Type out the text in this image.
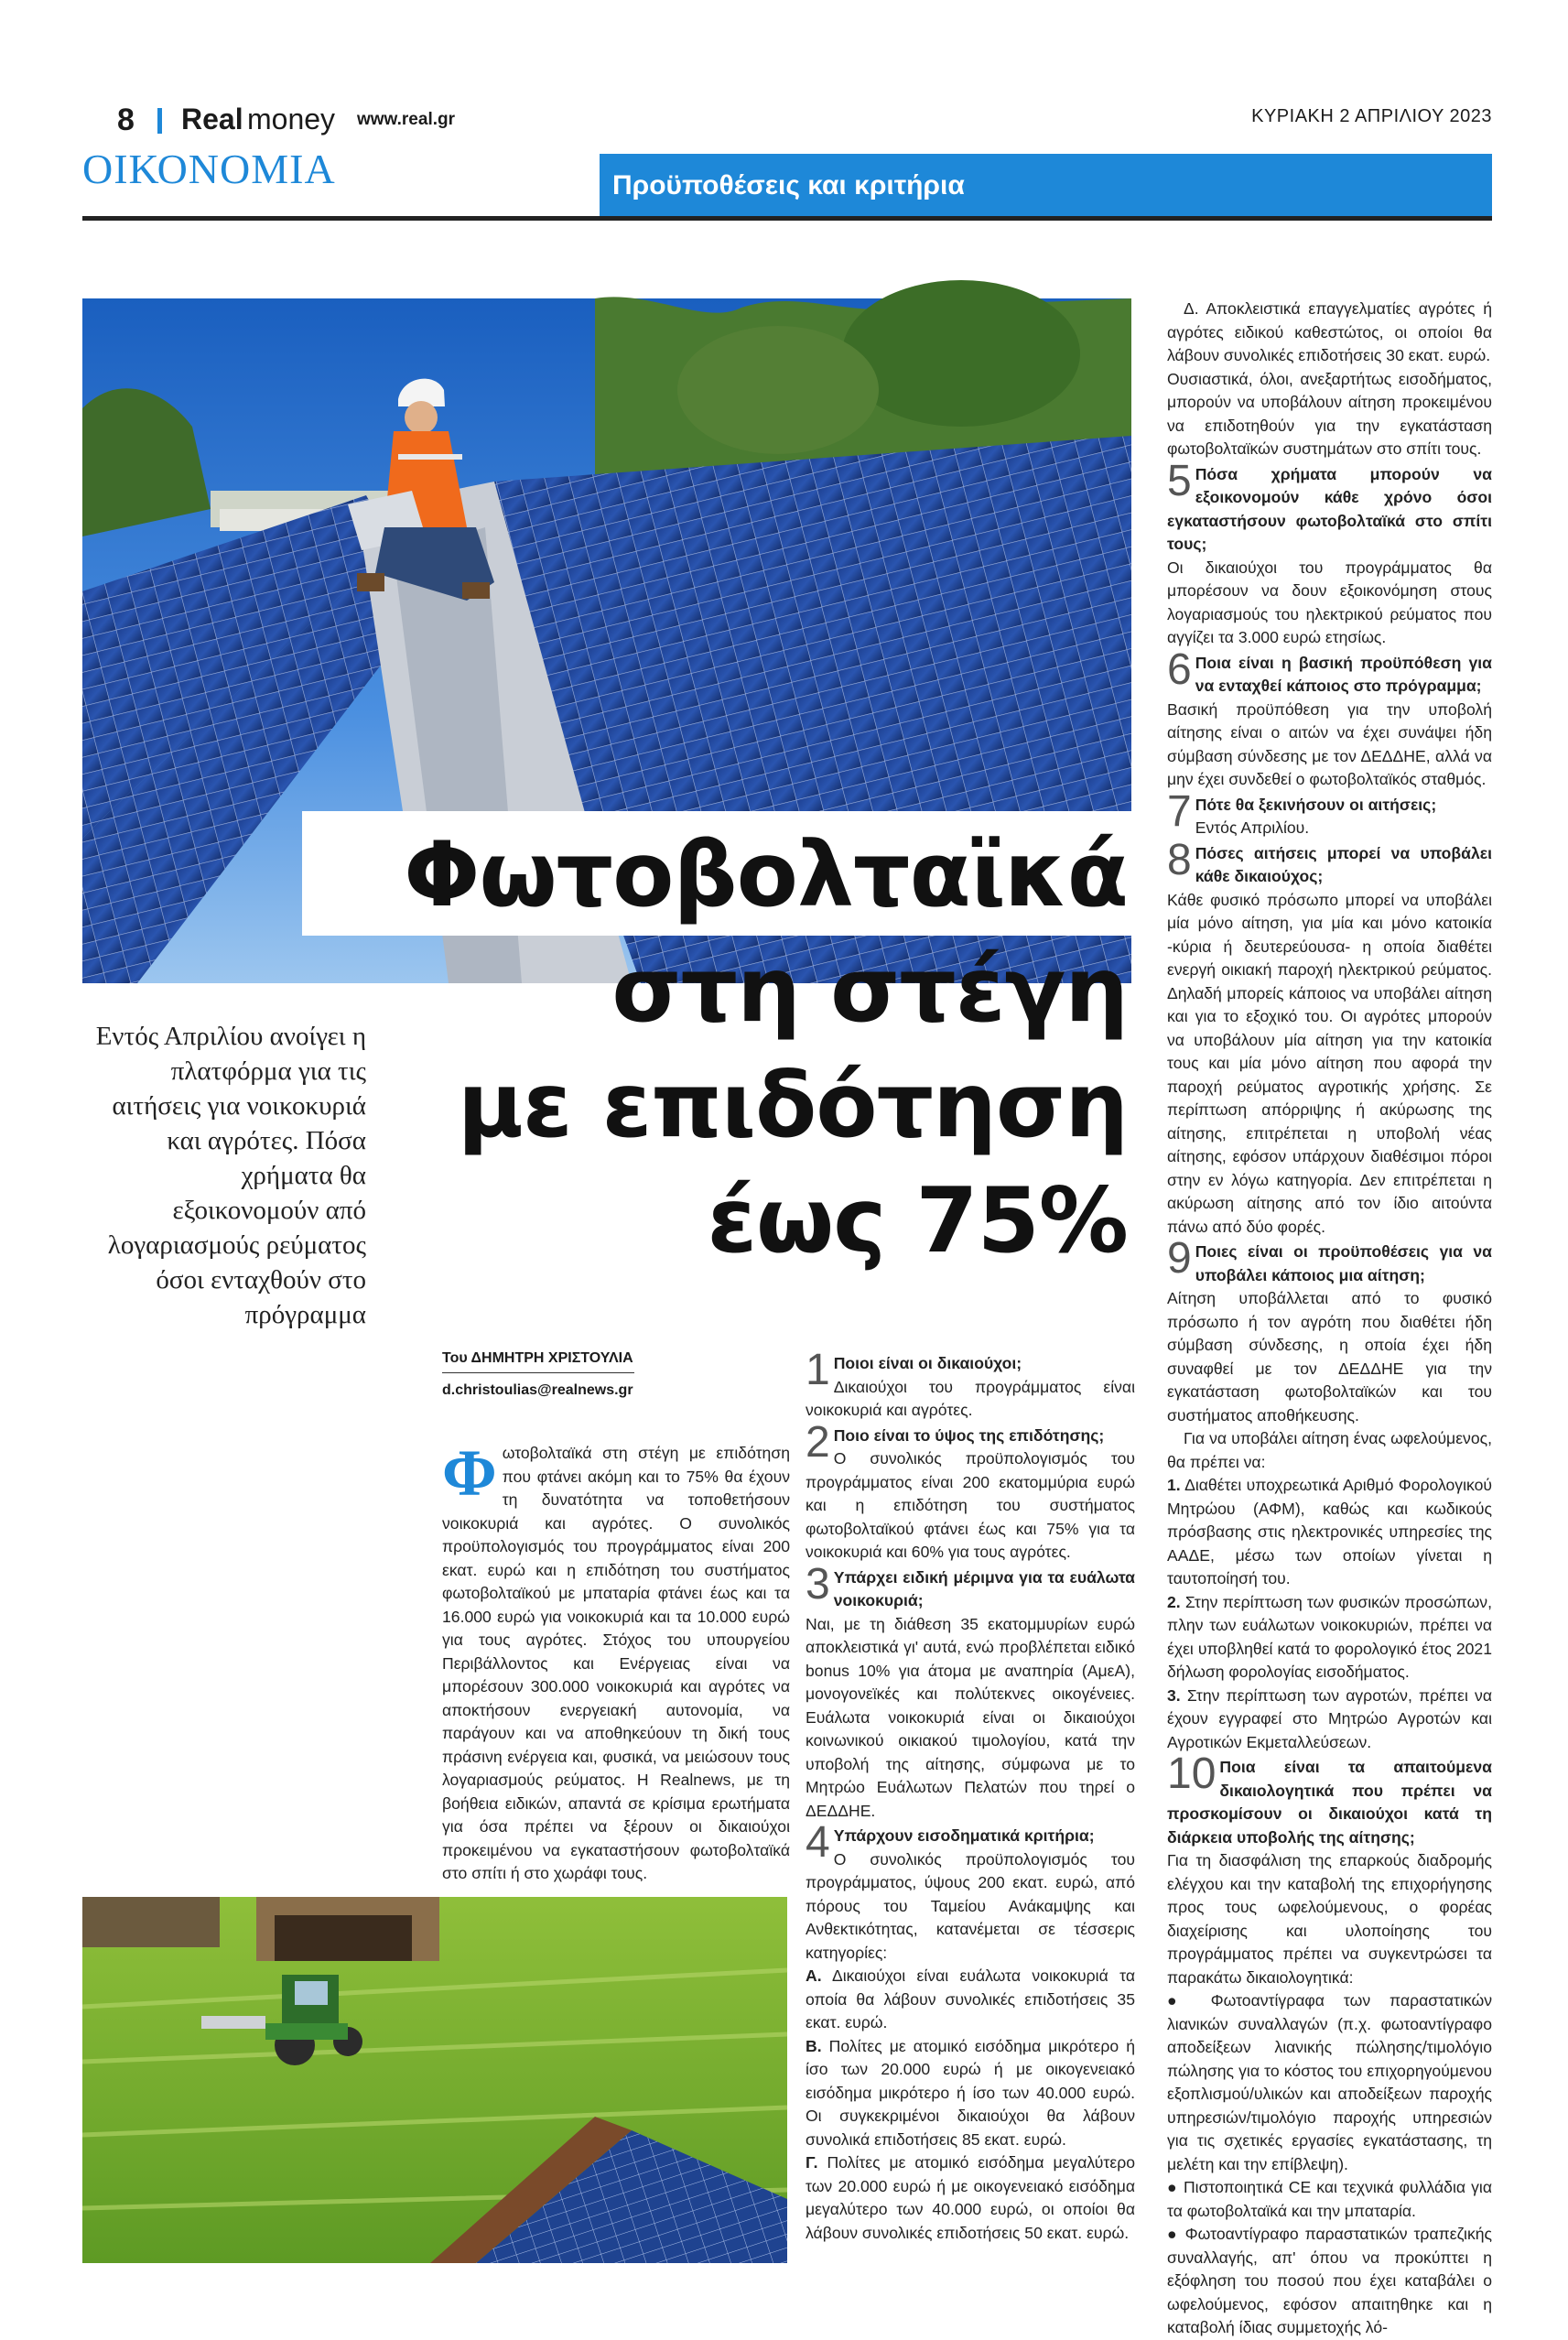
8 Real money www.real.gr	ΚΥΡΙΑΚΗ 2 ΑΠΡΙΛΙΟΥ 2023
ΟΙΚΟΝΟΜΙΑ	Προϋποθέσεις και κριτήρια
Φωτοβολταϊκά
στη στέγη
με επιδότηση
έως 75%
Εντός Απριλίου ανοίγει η πλατφόρμα για τις αιτήσεις για νοικοκυριά και αγρότες. Πόσα χρήματα θα εξοικονομούν από λογαριασμούς ρεύματος όσοι ενταχθούν στο πρόγραμμα
Του ΔΗΜΗΤΡΗ ΧΡΙΣΤΟΥΛΙΑ
d.christoulias@realnews.gr
Φ ωτοβολταϊκά στη στέγη με επιδότηση που φτάνει ακόμη και το 75% θα έχουν τη δυνατότητα να τοποθετήσουν νοικοκυριά και αγρότες. Ο συνολικός προϋπολογισμός του προγράμματος είναι 200 εκατ. ευρώ και η επιδότηση του συστήματος φωτοβολταϊκού με μπαταρία φτάνει έως και τα 16.000 ευρώ για νοικοκυριά και τα 10.000 ευρώ για τους αγρότες. Στόχος του υπουργείου Περιβάλλοντος και Ενέργειας είναι να μπορέσουν 300.000 νοικοκυριά και αγρότες να αποκτήσουν ενεργειακή αυτονομία, να παράγουν και να αποθηκεύουν τη δική τους πράσινη ενέργεια και, φυσικά, να μειώσουν τους λογαριασμούς ρεύματος. Η Realnews, με τη βοήθεια ειδικών, απαντά σε κρίσιμα ερωτήματα για όσα πρέπει να ξέρουν οι δικαιούχοι προκειμένου να εγκαταστήσουν φωτοβολταϊκά στο σπίτι ή στο χωράφι τους.
1 Ποιοι είναι οι δικαιούχοι;
Δικαιούχοι του προγράμματος είναι νοικοκυριά και αγρότες.
2 Ποιο είναι το ύψος της επιδότησης;
Ο συνολικός προϋπολογισμός του προγράμματος είναι 200 εκατομμύρια ευρώ και η επιδότηση του συστήματος φωτοβολταϊκού φτάνει έως και 75% για τα νοικοκυριά και 60% για τους αγρότες.
3 Υπάρχει ειδική μέριμνα για τα ευάλωτα νοικοκυριά;
Ναι, με τη διάθεση 35 εκατομμυρίων ευρώ αποκλειστικά γι' αυτά, ενώ προβλέπεται ειδικό bonus 10% για άτομα με αναπηρία (ΑμεΑ), μονογονεϊκές και πολύτεκνες οικογένειες. Ευάλωτα νοικοκυριά είναι οι δικαιούχοι κοινωνικού οικιακού τιμολογίου, κατά την υποβολή της αίτησης, σύμφωνα με το Μητρώο Ευάλωτων Πελατών που τηρεί ο ΔΕΔΔΗΕ.
4 Υπάρχουν εισοδηματικά κριτήρια;
Ο συνολικός προϋπολογισμός του προγράμματος, ύψους 200 εκατ. ευρώ, από πόρους του Ταμείου Ανάκαμψης και Ανθεκτικότητας, κατανέμεται σε τέσσερις κατηγορίες:
Α. Δικαιούχοι είναι ευάλωτα νοικοκυριά τα οποία θα λάβουν συνολικές επιδοτήσεις 35 εκατ. ευρώ.
Β. Πολίτες με ατομικό εισόδημα μικρότερο ή ίσο των 20.000 ευρώ ή με οικογενειακό εισόδημα μικρότερο ή ίσο των 40.000 ευρώ. Οι συγκεκριμένοι δικαιούχοι θα λάβουν συνολικά επιδοτήσεις 85 εκατ. ευρώ.
Γ. Πολίτες με ατομικό εισόδημα μεγαλύτερο των 20.000 ευρώ ή με οικογενειακό εισόδημα μεγαλύτερο των 40.000 ευρώ, οι οποίοι θα λάβουν συνολικές επιδοτήσεις 50 εκατ. ευρώ.
Δ. Αποκλειστικά επαγγελματίες αγρότες ή αγρότες ειδικού καθεστώτος, οι οποίοι θα λάβουν συνολικές επιδοτήσεις 30 εκατ. ευρώ.
Ουσιαστικά, όλοι, ανεξαρτήτως εισοδήματος, μπορούν να υποβάλουν αίτηση προκειμένου να επιδοτηθούν για την εγκατάσταση φωτοβολταϊκών συστημάτων στο σπίτι τους.
5 Πόσα χρήματα μπορούν να εξοικονομούν κάθε χρόνο όσοι εγκαταστήσουν φωτοβολταϊκά στο σπίτι τους;
Οι δικαιούχοι του προγράμματος θα μπορέσουν να δουν εξοικονόμηση στους λογαριασμούς του ηλεκτρικού ρεύματος που αγγίζει τα 3.000 ευρώ ετησίως.
6 Ποια είναι η βασική προϋπόθεση για να ενταχθεί κάποιος στο πρόγραμμα;
Βασική προϋπόθεση για την υποβολή αίτησης είναι ο αιτών να έχει συνάψει ήδη σύμβαση σύνδεσης με τον ΔΕΔΔΗΕ, αλλά να μην έχει συνδεθεί ο φωτοβολταϊκός σταθμός.
7 Πότε θα ξεκινήσουν οι αιτήσεις;
Εντός Απριλίου.
8 Πόσες αιτήσεις μπορεί να υποβάλει κάθε δικαιούχος;
Κάθε φυσικό πρόσωπο μπορεί να υποβάλει μία μόνο αίτηση, για μία και μόνο κατοικία -κύρια ή δευτερεύουσα- η οποία διαθέτει ενεργή οικιακή παροχή ηλεκτρικού ρεύματος. Δηλαδή μπορείς κάποιος να υποβάλει αίτηση και για το εξοχικό του. Οι αγρότες μπορούν να υποβάλουν μία αίτηση για την κατοικία τους και μία μόνο αίτηση που αφορά την παροχή ρεύματος αγροτικής χρήσης. Σε περίπτωση απόρριψης ή ακύρωσης της αίτησης, επιτρέπεται η υποβολή νέας αίτησης, εφόσον υπάρχουν διαθέσιμοι πόροι στην εν λόγω κατηγορία. Δεν επιτρέπεται η ακύρωση αίτησης από τον ίδιο αιτούντα πάνω από δύο φορές.
9 Ποιες είναι οι προϋποθέσεις για να υποβάλει κάποιος μια αίτηση;
Αίτηση υποβάλλεται από το φυσικό πρόσωπο ή τον αγρότη που διαθέτει ήδη σύμβαση σύνδεσης, η οποία έχει ήδη συναφθεί με τον ΔΕΔΔΗΕ για την εγκατάσταση φωτοβολταϊκών και του συστήματος αποθήκευσης.
Για να υποβάλει αίτηση ένας ωφελούμενος, θα πρέπει να:
1. Διαθέτει υποχρεωτικά Αριθμό Φορολογικού Μητρώου (ΑΦΜ), καθώς και κωδικούς πρόσβασης στις ηλεκτρονικές υπηρεσίες της ΑΑΔΕ, μέσω των οποίων γίνεται η ταυτοποίησή του.
2. Στην περίπτωση των φυσικών προσώπων, πλην των ευάλωτων νοικοκυριών, πρέπει να έχει υποβληθεί κατά το φορολογικό έτος 2021 δήλωση φορολογίας εισοδήματος.
3. Στην περίπτωση των αγροτών, πρέπει να έχουν εγγραφεί στο Μητρώο Αγροτών και Αγροτικών Εκμεταλλεύσεων.
10 Ποια είναι τα απαιτούμενα δικαιολογητικά που πρέπει να προσκομίσουν οι δικαιούχοι κατά τη διάρκεια υποβολής της αίτησης;
Για τη διασφάλιση της επαρκούς διαδρομής ελέγχου και την καταβολή της επιχορήγησης προς τους ωφελούμενους, ο φορέας διαχείρισης και υλοποίησης του προγράμματος πρέπει να συγκεντρώσει τα παρακάτω δικαιολογητικά:
● Φωτοαντίγραφα των παραστατικών λιανικών συναλλαγών (π.χ. φωτοαντίγραφο αποδείξεων λιανικής πώλησης/τιμολόγιο πώλησης για το κόστος του επιχορηγούμενου εξοπλισμού/υλικών και αποδείξεων παροχής υπηρεσιών/τιμολόγιο παροχής υπηρεσιών για τις σχετικές εργασίες εγκατάστασης, τη μελέτη και την επίβλεψη).
● Πιστοποιητικά CE και τεχνικά φυλλάδια για τα φωτοβολταϊκά και την μπαταρία.
● Φωτοαντίγραφο παραστατικών τραπεζικής συναλλαγής, απ' όπου να προκύπτει η εξόφληση του ποσού που έχει καταβάλει ο ωφελούμενος, εφόσον απαιτηθηκε και η καταβολή ίδιας συμμετοχής λό-
